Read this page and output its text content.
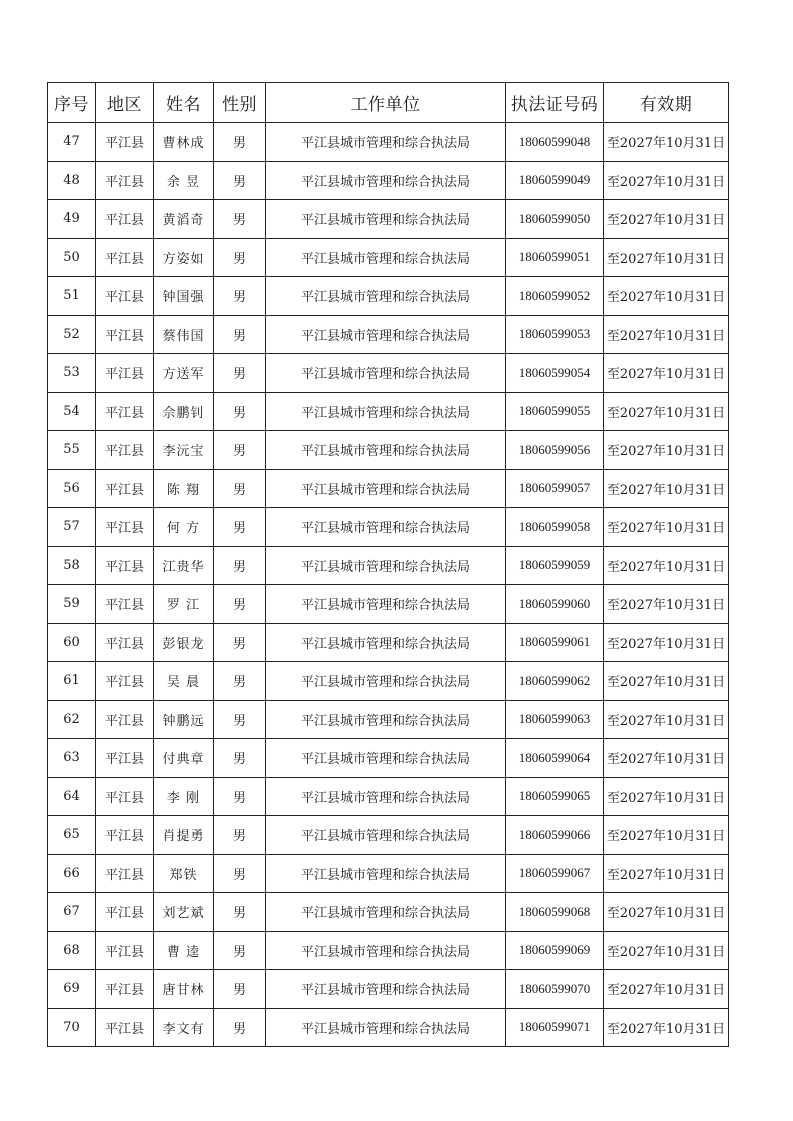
序号	地区	姓名	性别	工作单位	执法证号码	有效期
47	平江县	曹林成	男	平江县城市管理和综合执法局	18060599048	至2027年10月31日
48	平江县	余 昱	男	平江县城市管理和综合执法局	18060599049	至2027年10月31日
49	平江县	黄滔奇	男	平江县城市管理和综合执法局	18060599050	至2027年10月31日
50	平江县	方姿如	男	平江县城市管理和综合执法局	18060599051	至2027年10月31日
51	平江县	钟国强	男	平江县城市管理和综合执法局	18060599052	至2027年10月31日
52	平江县	蔡伟国	男	平江县城市管理和综合执法局	18060599053	至2027年10月31日
53	平江县	方送军	男	平江县城市管理和综合执法局	18060599054	至2027年10月31日
54	平江县	佘鹏钊	男	平江县城市管理和综合执法局	18060599055	至2027年10月31日
55	平江县	李沅宝	男	平江县城市管理和综合执法局	18060599056	至2027年10月31日
56	平江县	陈 翔	男	平江县城市管理和综合执法局	18060599057	至2027年10月31日
57	平江县	何 方	男	平江县城市管理和综合执法局	18060599058	至2027年10月31日
58	平江县	江贵华	男	平江县城市管理和综合执法局	18060599059	至2027年10月31日
59	平江县	罗 江	男	平江县城市管理和综合执法局	18060599060	至2027年10月31日
60	平江县	彭银龙	男	平江县城市管理和综合执法局	18060599061	至2027年10月31日
61	平江县	吴 晨	男	平江县城市管理和综合执法局	18060599062	至2027年10月31日
62	平江县	钟鹏远	男	平江县城市管理和综合执法局	18060599063	至2027年10月31日
63	平江县	付典章	男	平江县城市管理和综合执法局	18060599064	至2027年10月31日
64	平江县	李 刚	男	平江县城市管理和综合执法局	18060599065	至2027年10月31日
65	平江县	肖提勇	男	平江县城市管理和综合执法局	18060599066	至2027年10月31日
66	平江县	郑铁	男	平江县城市管理和综合执法局	18060599067	至2027年10月31日
67	平江县	刘艺斌	男	平江县城市管理和综合执法局	18060599068	至2027年10月31日
68	平江县	曹 逵	男	平江县城市管理和综合执法局	18060599069	至2027年10月31日
69	平江县	唐甘林	男	平江县城市管理和综合执法局	18060599070	至2027年10月31日
70	平江县	李文有	男	平江县城市管理和综合执法局	18060599071	至2027年10月31日
